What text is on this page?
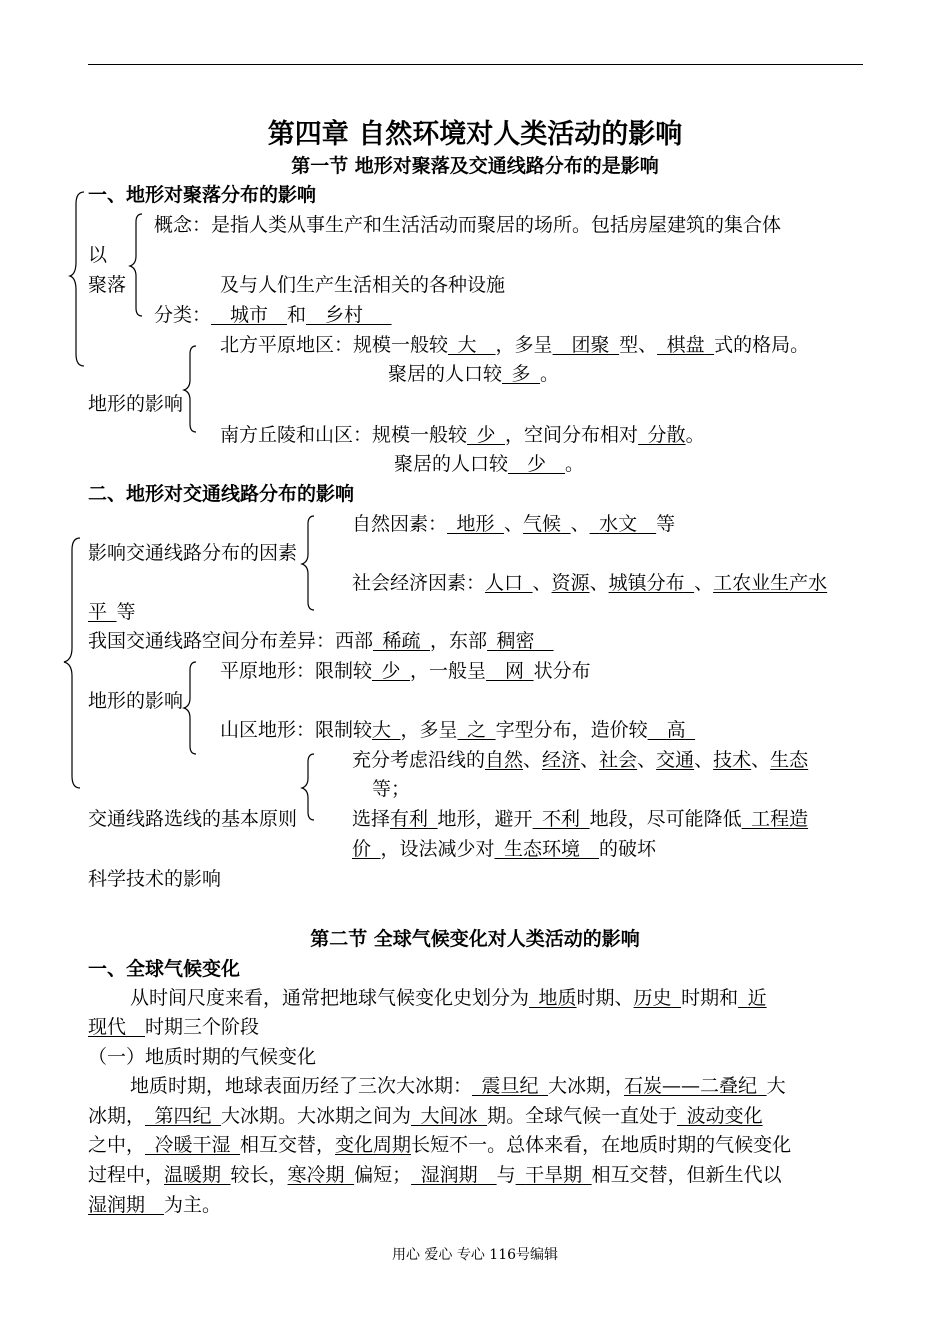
第四章 自然环境对人类活动的影响
第一节 地形对聚落及交通线路分布的是影响
一、地形对聚落分布的影响
概念：是指人类从事生产和生活活动而聚居的场所。包括房屋建筑的集合体
以
聚落	及与人们生产生活相关的各种设施
分类：   城市   和   乡村   
北方平原地区：规模一般较  大   ，多呈   团聚  型、  棋盘  式的格局。
聚居的人口较  多  。
地形的影响
南方丘陵和山区：规模一般较  少  ，空间分布相对  分散。
聚居的人口较   少   。
二、地形对交通线路分布的影响
自然因素：  地形  、气候  、  水文   等
影响交通线路分布的因素
社会经济因素：人口  、资源、城镇分布  、工农业生产水
平  等
我国交通线路空间分布差异：西部  稀疏  ，东部  稠密  
平原地形：限制较  少  ，一般呈   网  状分布
地形的影响
山区地形：限制较大  ，多呈  之  字型分布，造价较   高 
充分考虑沿线的自然、经济、社会、交通、技术、生态
等；
交通线路选线的基本原则	选择有利  地形，避开  不利  地段，尽可能降低  工程造
价  ，设法减少对  生态环境   的破坏
科学技术的影响
第二节 全球气候变化对人类活动的影响
一、全球气候变化
从时间尺度来看，通常把地球气候变化史划分为  地质时期、历史  时期和  近
现代   时期三个阶段
（一）地质时期的气候变化
地质时期，地球表面历经了三次大冰期：  震旦纪  大冰期，石炭——二叠纪  大
冰期，  第四纪  大冰期。大冰期之间为  大间冰  期。全球气候一直处于  波动变化
之中，  冷暖干湿  相互交替，变化周期长短不一。总体来看，在地质时期的气候变化
过程中，温暖期  较长，寒冷期  偏短；  湿润期   与  干旱期  相互交替，但新生代以
湿润期   为主。
用心 爱心 专心 116号编辑
